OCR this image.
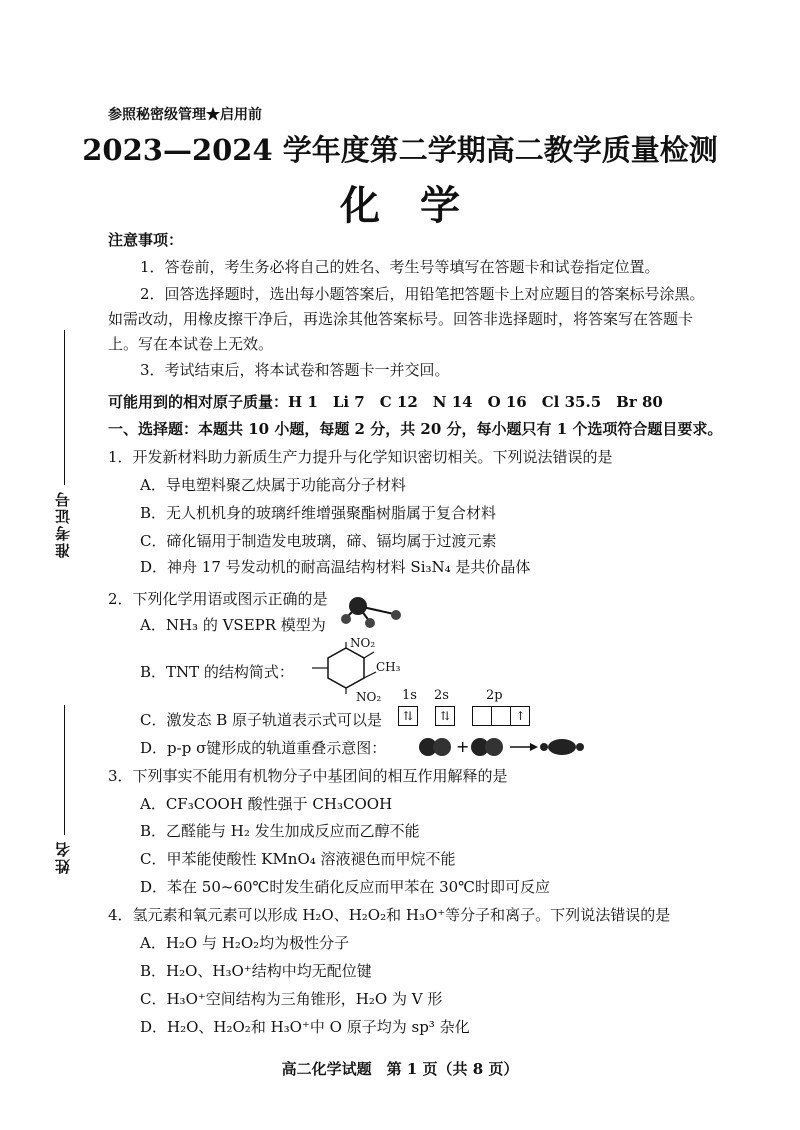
准考证号
姓名
参照秘密级管理★启用前
2023—2024 学年度第二学期高二教学质量检测
化学
注意事项：
1．答卷前，考生务必将自己的姓名、考生号等填写在答题卡和试卷指定位置。
2．回答选择题时，选出每小题答案后，用铅笔把答题卡上对应题目的答案标号涂黑。
如需改动，用橡皮擦干净后，再选涂其他答案标号。回答非选择题时，将答案写在答题卡
上。写在本试卷上无效。
3．考试结束后，将本试卷和答题卡一并交回。
可能用到的相对原子质量：H 1　Li 7　C 12　N 14　O 16　Cl 35.5　Br 80
一、选择题：本题共 10 小题，每题 2 分，共 20 分，每小题只有 1 个选项符合题目要求。
1．开发新材料助力新质生产力提升与化学知识密切相关。下列说法错误的是
A．导电塑料聚乙炔属于功能高分子材料
B．无人机机身的玻璃纤维增强聚酯树脂属于复合材料
C．碲化镉用于制造发电玻璃，碲、镉均属于过渡元素
D．神舟 17 号发动机的耐高温结构材料 Si₃N₄ 是共价晶体
2．下列化学用语或图示正确的是
A．NH₃ 的 VSEPR 模型为
B．TNT 的结构简式：
NO₂
CH₃
NO₂ 1s 2s	2p
C．激发态 B 原子轨道表示式可以是	⇅ ⇅	↑
D．p-p σ键形成的轨道重叠示意图：	+
3．下列事实不能用有机物分子中基团间的相互作用解释的是
A．CF₃COOH 酸性强于 CH₃COOH
B．乙醛能与 H₂ 发生加成反应而乙醇不能
C．甲苯能使酸性 KMnO₄ 溶液褪色而甲烷不能
D．苯在 50~60℃时发生硝化反应而甲苯在 30℃时即可反应
4．氢元素和氧元素可以形成 H₂O、H₂O₂和 H₃O⁺等分子和离子。下列说法错误的是
A．H₂O 与 H₂O₂均为极性分子
B．H₂O、H₃O⁺结构中均无配位键
C．H₃O⁺空间结构为三角锥形，H₂O 为 V 形
D．H₂O、H₂O₂和 H₃O⁺中 O 原子均为 sp³ 杂化
高二化学试题　第 1 页（共 8 页）
